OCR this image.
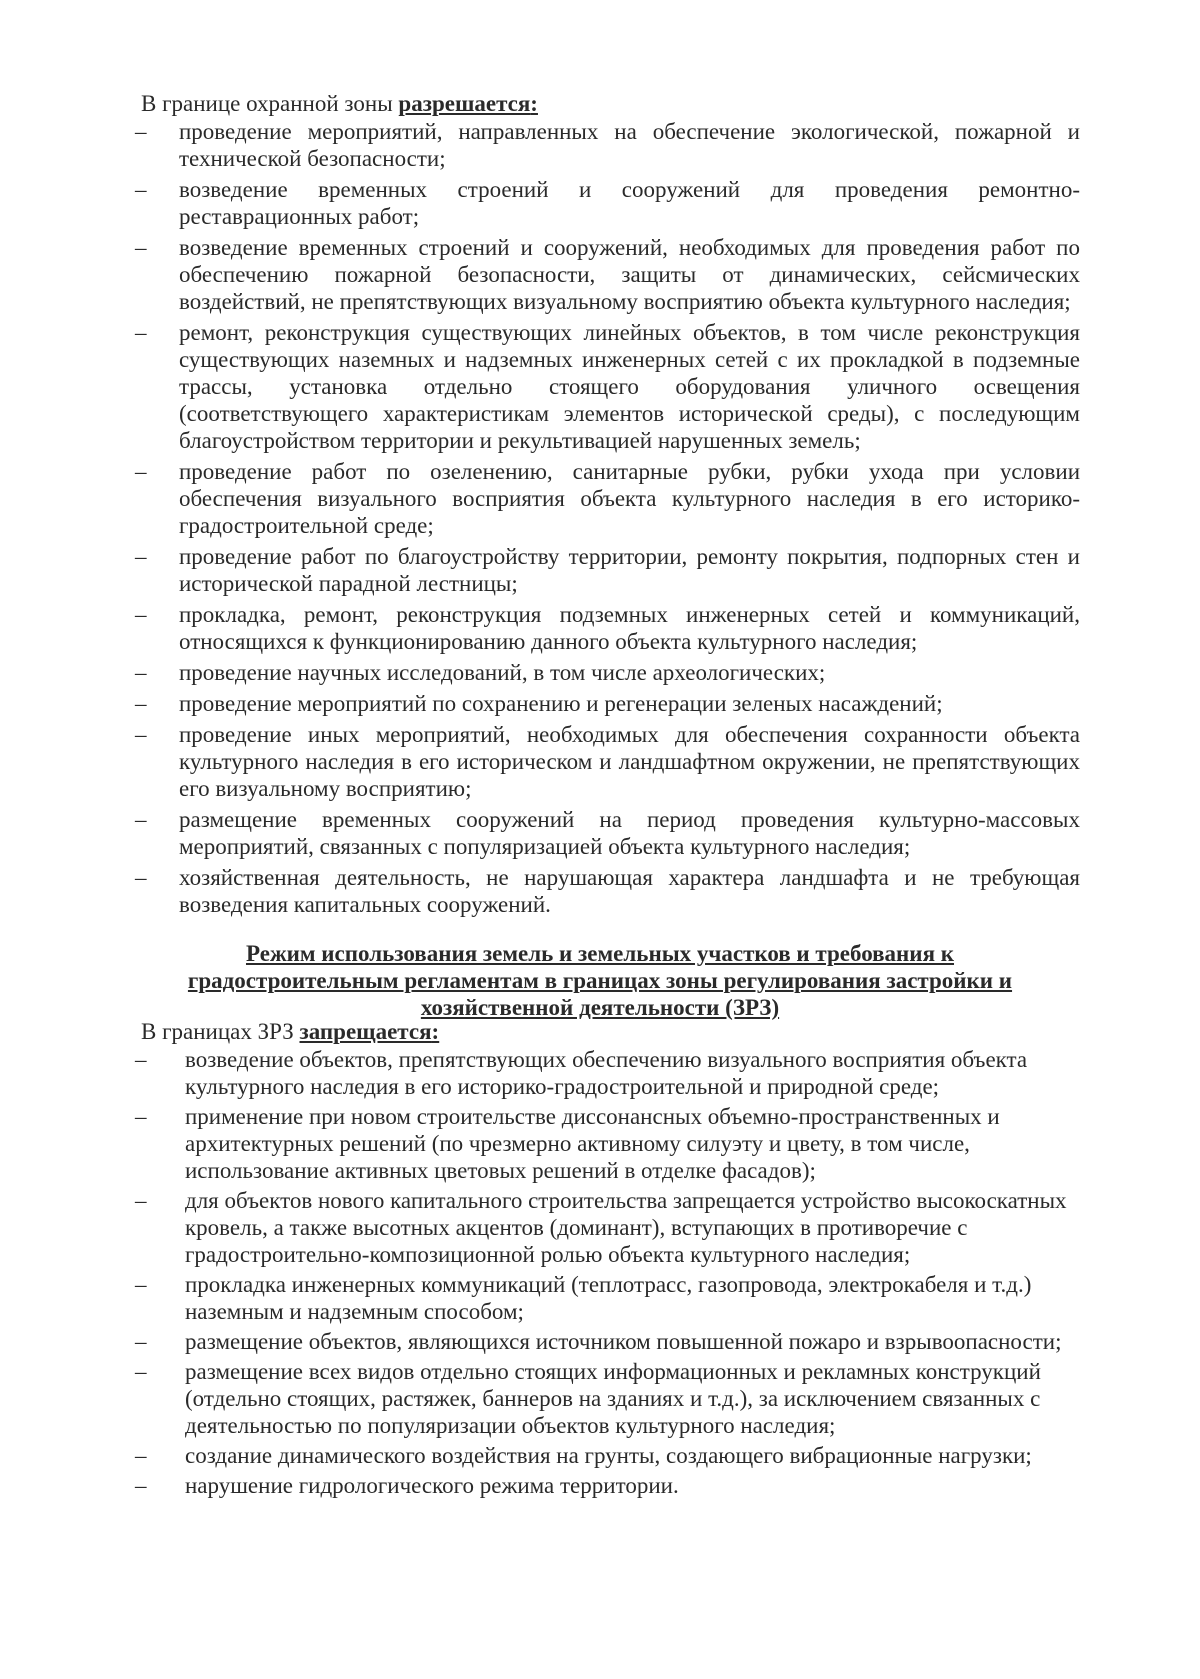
В границе охранной зоны разрешается:

– проведение мероприятий, направленных на обеспечение экологической, пожарной и технической безопасности;
– возведение временных строений и сооружений для проведения ремонтно-реставрационных работ;
– возведение временных строений и сооружений, необходимых для проведения работ по обеспечению пожарной безопасности, защиты от динамических, сейсмических воздействий, не препятствующих визуальному восприятию объекта культурного наследия;
– ремонт, реконструкция существующих линейных объектов, в том числе реконструкция существующих наземных и надземных инженерных сетей с их прокладкой в подземные трассы, установка отдельно стоящего оборудования уличного освещения (соответствующего характеристикам элементов исторической среды), с последующим благоустройством территории и рекультивацией нарушенных земель;
– проведение работ по озеленению, санитарные рубки, рубки ухода при условии обеспечения визуального восприятия объекта культурного наследия в его историко-градостроительной среде;
– проведение работ по благоустройству территории, ремонту покрытия, подпорных стен и исторической парадной лестницы;
– прокладка, ремонт, реконструкция подземных инженерных сетей и коммуникаций, относящихся к функционированию данного объекта культурного наследия;
– проведение научных исследований, в том числе археологических;
– проведение мероприятий по сохранению и регенерации зеленых насаждений;
– проведение иных мероприятий, необходимых для обеспечения сохранности объекта культурного наследия в его историческом и ландшафтном окружении, не препятствующих его визуальному восприятию;
– размещение временных сооружений на период проведения культурно-массовых мероприятий, связанных с популяризацией объекта культурного наследия;
– хозяйственная деятельность, не нарушающая характера ландшафта и не требующая возведения капитальных сооружений.
Режим использования земель и земельных участков и требования к градостроительным регламентам в границах зоны регулирования застройки и хозяйственной деятельности (ЗРЗ)

В границах ЗРЗ запрещается:

– возведение объектов, препятствующих обеспечению визуального восприятия объекта культурного наследия в его историко-градостроительной и природной среде;
– применение при новом строительстве диссонансных объемно-пространственных и архитектурных решений (по чрезмерно активному силуэту и цвету, в том числе, использование активных цветовых решений в отделке фасадов);
– для объектов нового капитального строительства запрещается устройство высокоскатных кровель, а также высотных акцентов (доминант), вступающих в противоречие с градостроительно-композиционной ролью объекта культурного наследия;
– прокладка инженерных коммуникаций (теплотрасс, газопровода, электрокабеля и т.д.) наземным и надземным способом;
– размещение объектов, являющихся источником повышенной пожаро и взрывоопасности;
– размещение всех видов отдельно стоящих информационных и рекламных конструкций (отдельно стоящих, растяжек, баннеров на зданиях и т.д.), за исключением связанных с деятельностью по популяризации объектов культурного наследия;
– создание динамического воздействия на грунты, создающего вибрационные нагрузки;
– нарушение гидрологического режима территории.
